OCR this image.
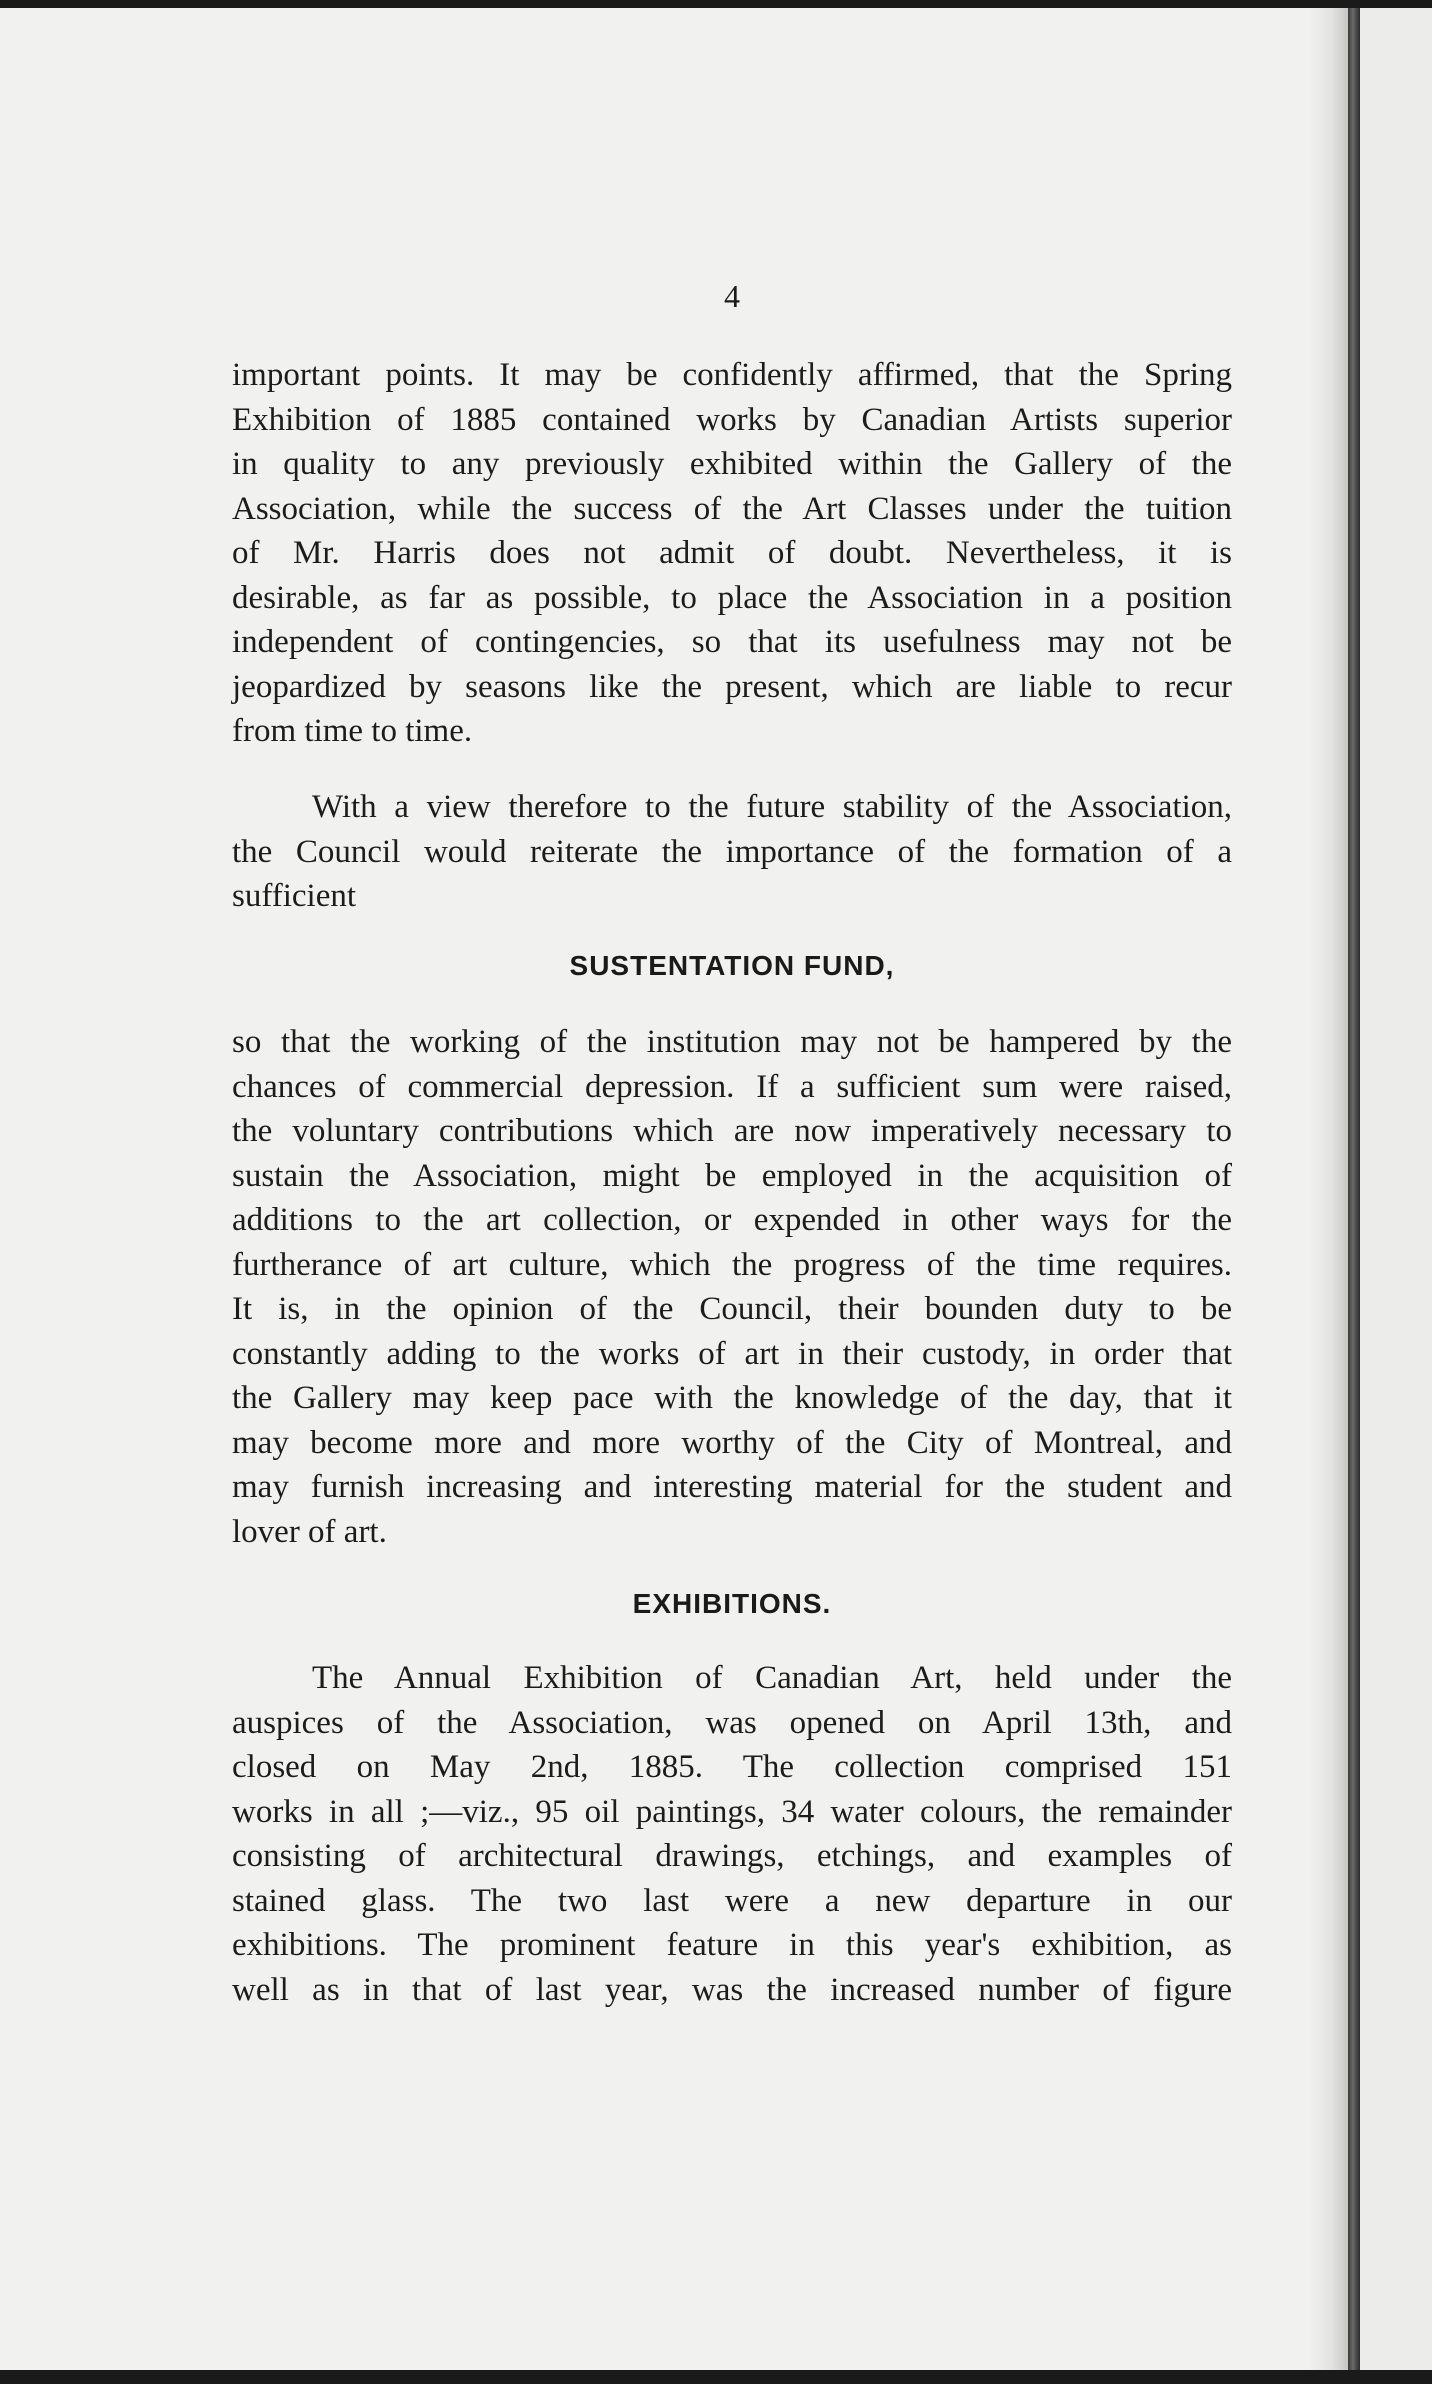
4
important points. It may be confidently affirmed, that the Spring
Exhibition of 1885 contained works by Canadian Artists superior
in quality to any previously exhibited within the Gallery of the
Association, while the success of the Art Classes under the tuition
of Mr. Harris does not admit of doubt. Nevertheless, it is
desirable, as far as possible, to place the Association in a position
independent of contingencies, so that its usefulness may not be
jeopardized by seasons like the present, which are liable to recur
from time to time.
With a view therefore to the future stability of the Association,
the Council would reiterate the importance of the formation of a
sufficient
SUSTENTATION FUND,
so that the working of the institution may not be hampered by the
chances of commercial depression. If a sufficient sum were raised,
the voluntary contributions which are now imperatively necessary to
sustain the Association, might be employed in the acquisition of
additions to the art collection, or expended in other ways for the
furtherance of art culture, which the progress of the time requires.
It is, in the opinion of the Council, their bounden duty to be
constantly adding to the works of art in their custody, in order that
the Gallery may keep pace with the knowledge of the day, that it
may become more and more worthy of the City of Montreal, and
may furnish increasing and interesting material for the student and
lover of art.
EXHIBITIONS.
The Annual Exhibition of Canadian Art, held under the
auspices of the Association, was opened on April 13th, and
closed on May 2nd, 1885. The collection comprised 151
works in all ;—viz., 95 oil paintings, 34 water colours, the remainder
consisting of architectural drawings, etchings, and examples of
stained glass. The two last were a new departure in our
exhibitions. The prominent feature in this year's exhibition, as
well as in that of last year, was the increased number of figure
